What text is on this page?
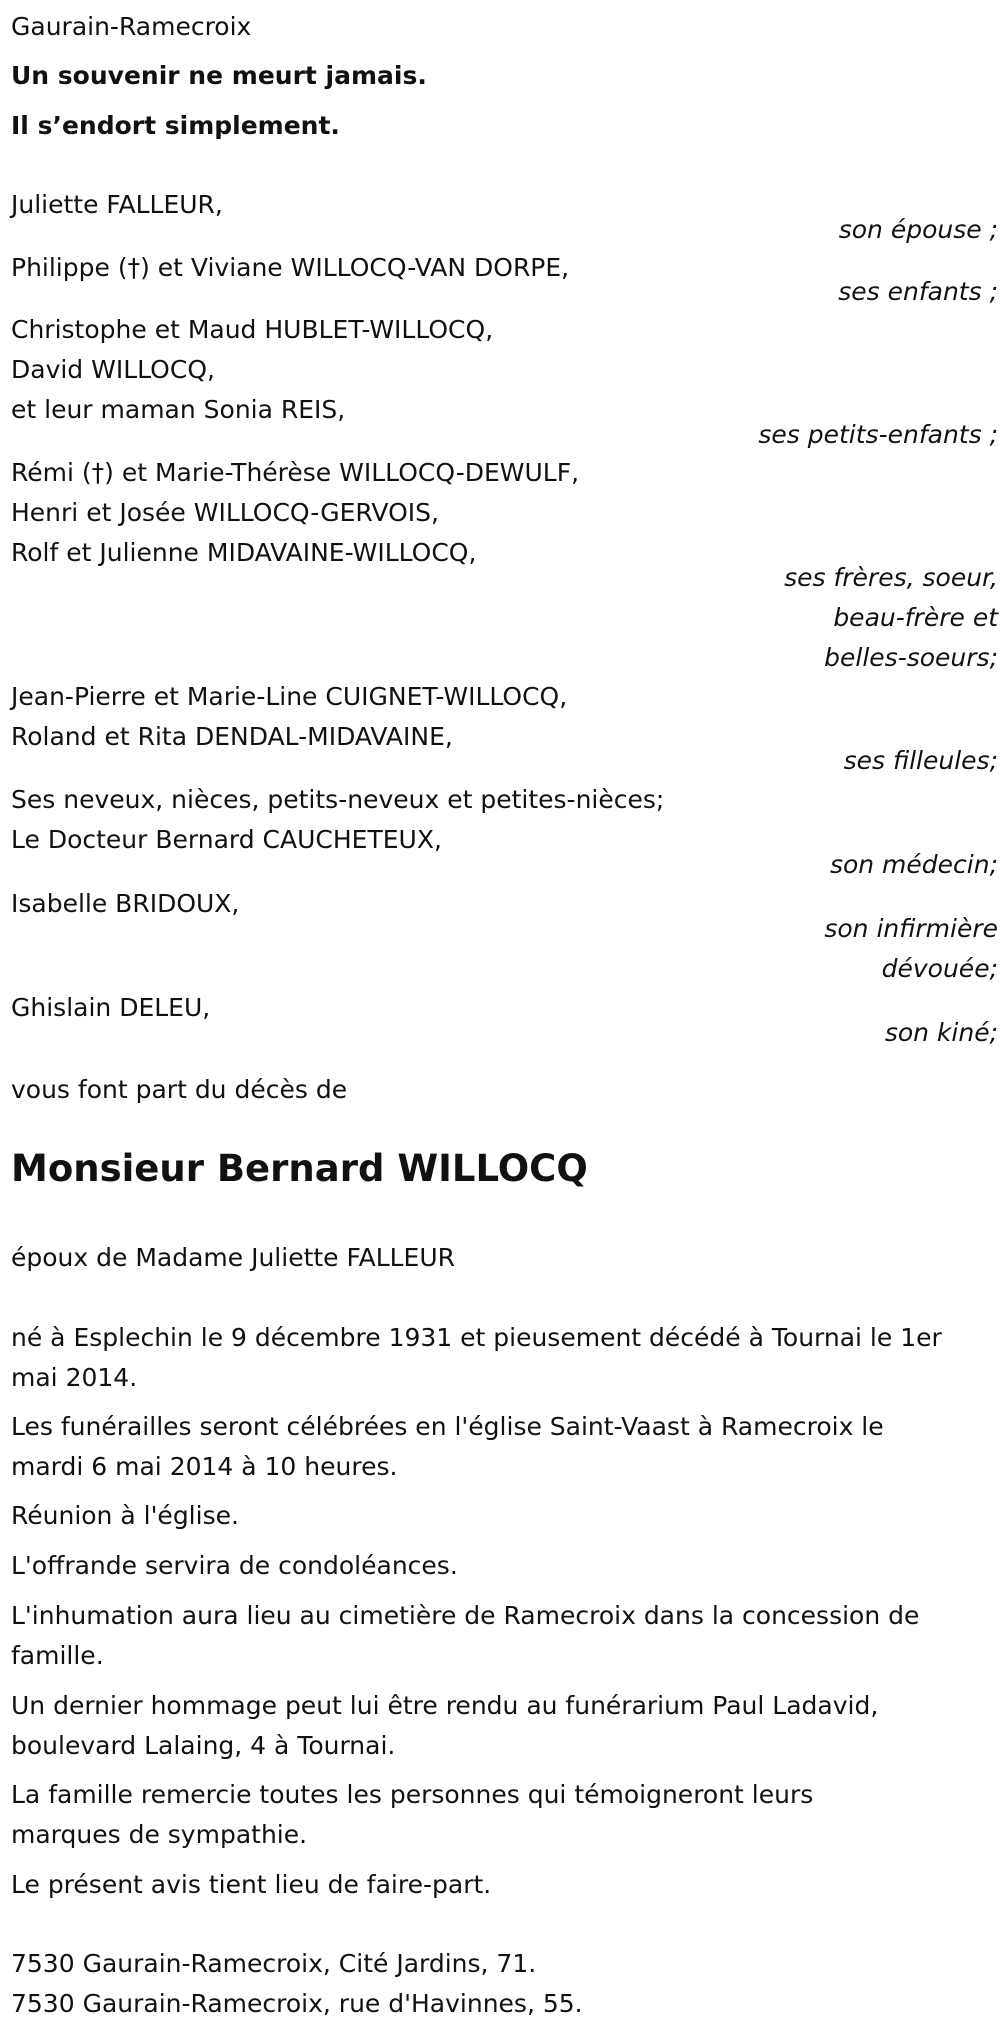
Gaurain-Ramecroix
Un souvenir ne meurt jamais.
Il s’endort simplement.
Juliette FALLEUR,
son épouse ;
Philippe (†) et Viviane WILLOCQ-VAN DORPE,
ses enfants ;
Christophe et Maud HUBLET-WILLOCQ,
David WILLOCQ,
et leur maman Sonia REIS,
ses petits-enfants ;
Rémi (†) et Marie-Thérèse WILLOCQ-DEWULF,
Henri et Josée WILLOCQ-GERVOIS,
Rolf et Julienne MIDAVAINE-WILLOCQ,
ses frères, soeur,
beau-frère et
belles-soeurs;
Jean-Pierre et Marie-Line CUIGNET-WILLOCQ,
Roland et Rita DENDAL-MIDAVAINE,
ses filleules;
Ses neveux, nièces, petits-neveux et petites-nièces;
Le Docteur Bernard CAUCHETEUX,
son médecin;
Isabelle BRIDOUX,
son infirmière
dévouée;
Ghislain DELEU,
son kiné;
vous font part du décès de
Monsieur Bernard WILLOCQ
époux de Madame Juliette FALLEUR
né à Esplechin le 9 décembre 1931 et pieusement décédé à Tournai le 1er
mai 2014.
Les funérailles seront célébrées en l'église Saint-Vaast à Ramecroix le
mardi 6 mai 2014 à 10 heures.
Réunion à l'église.
L'offrande servira de condoléances.
L'inhumation aura lieu au cimetière de Ramecroix dans la concession de
famille.
Un dernier hommage peut lui être rendu au funérarium Paul Ladavid,
boulevard Lalaing, 4 à Tournai.
La famille remercie toutes les personnes qui témoigneront leurs
marques de sympathie.
Le présent avis tient lieu de faire-part.
7530 Gaurain-Ramecroix, Cité Jardins, 71.
7530 Gaurain-Ramecroix, rue d'Havinnes, 55.
